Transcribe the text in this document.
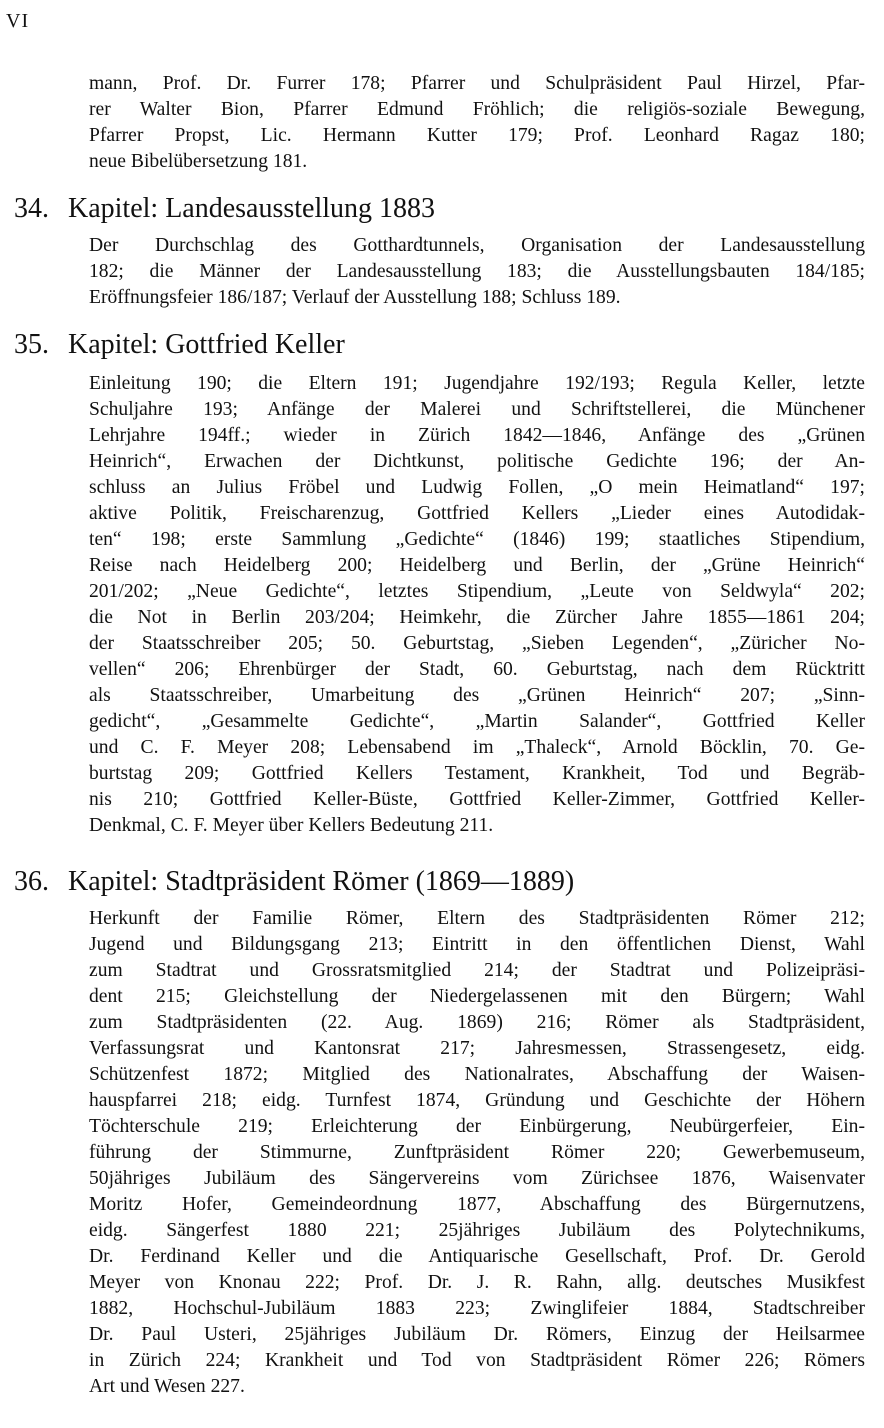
VI
mann, Prof. Dr. Furrer 178; Pfarrer und Schulpräsident Paul Hirzel, Pfar-
rer Walter Bion, Pfarrer Edmund Fröhlich; die religiös-soziale Bewegung,
Pfarrer Propst, Lic. Hermann Kutter 179; Prof. Leonhard Ragaz 180;
neue Bibelübersetzung 181.
34. Kapitel: Landesausstellung 1883
Der Durchschlag des Gotthardtunnels, Organisation der Landesausstellung
182; die Männer der Landesausstellung 183; die Ausstellungsbauten 184/185;
Eröffnungsfeier 186/187; Verlauf der Ausstellung 188; Schluss 189.
35. Kapitel: Gottfried Keller
Einleitung 190; die Eltern 191; Jugendjahre 192/193; Regula Keller, letzte
Schuljahre 193; Anfänge der Malerei und Schriftstellerei, die Münchener
Lehrjahre 194ff.; wieder in Zürich 1842—1846, Anfänge des „Grünen
Heinrich“, Erwachen der Dichtkunst, politische Gedichte 196; der An-
schluss an Julius Fröbel und Ludwig Follen, „O mein Heimatland“ 197;
aktive Politik, Freischarenzug, Gottfried Kellers „Lieder eines Autodidak-
ten“ 198; erste Sammlung „Gedichte“ (1846) 199; staatliches Stipendium,
Reise nach Heidelberg 200; Heidelberg und Berlin, der „Grüne Heinrich“
201/202; „Neue Gedichte“, letztes Stipendium, „Leute von Seldwyla“ 202;
die Not in Berlin 203/204; Heimkehr, die Zürcher Jahre 1855—1861 204;
der Staatsschreiber 205; 50. Geburtstag, „Sieben Legenden“, „Züricher No-
vellen“ 206; Ehrenbürger der Stadt, 60. Geburtstag, nach dem Rücktritt
als Staatsschreiber, Umarbeitung des „Grünen Heinrich“ 207; „Sinn-
gedicht“, „Gesammelte Gedichte“, „Martin Salander“, Gottfried Keller
und C. F. Meyer 208; Lebensabend im „Thaleck“, Arnold Böcklin, 70. Ge-
burtstag 209; Gottfried Kellers Testament, Krankheit, Tod und Begräb-
nis 210; Gottfried Keller-Büste, Gottfried Keller-Zimmer, Gottfried Keller-
Denkmal, C. F. Meyer über Kellers Bedeutung 211.
36. Kapitel: Stadtpräsident Römer (1869—1889)
Herkunft der Familie Römer, Eltern des Stadtpräsidenten Römer 212;
Jugend und Bildungsgang 213; Eintritt in den öffentlichen Dienst, Wahl
zum Stadtrat und Grossratsmitglied 214; der Stadtrat und Polizeipräsi-
dent 215; Gleichstellung der Niedergelassenen mit den Bürgern; Wahl
zum Stadtpräsidenten (22. Aug. 1869) 216; Römer als Stadtpräsident,
Verfassungsrat und Kantonsrat 217; Jahresmessen, Strassengesetz, eidg.
Schützenfest 1872; Mitglied des Nationalrates, Abschaffung der Waisen-
hauspfarrei 218; eidg. Turnfest 1874, Gründung und Geschichte der Höhern
Töchterschule 219; Erleichterung der Einbürgerung, Neubürgerfeier, Ein-
führung der Stimmurne, Zunftpräsident Römer 220; Gewerbemuseum,
50jähriges Jubiläum des Sängervereins vom Zürichsee 1876, Waisenvater
Moritz Hofer, Gemeindeordnung 1877, Abschaffung des Bürgernutzens,
eidg. Sängerfest 1880 221; 25jähriges Jubiläum des Polytechnikums,
Dr. Ferdinand Keller und die Antiquarische Gesellschaft, Prof. Dr. Gerold
Meyer von Knonau 222; Prof. Dr. J. R. Rahn, allg. deutsches Musikfest
1882, Hochschul-Jubiläum 1883 223; Zwinglifeier 1884, Stadtschreiber
Dr. Paul Usteri, 25jähriges Jubiläum Dr. Römers, Einzug der Heilsarmee
in Zürich 224; Krankheit und Tod von Stadtpräsident Römer 226; Römers
Art und Wesen 227.
